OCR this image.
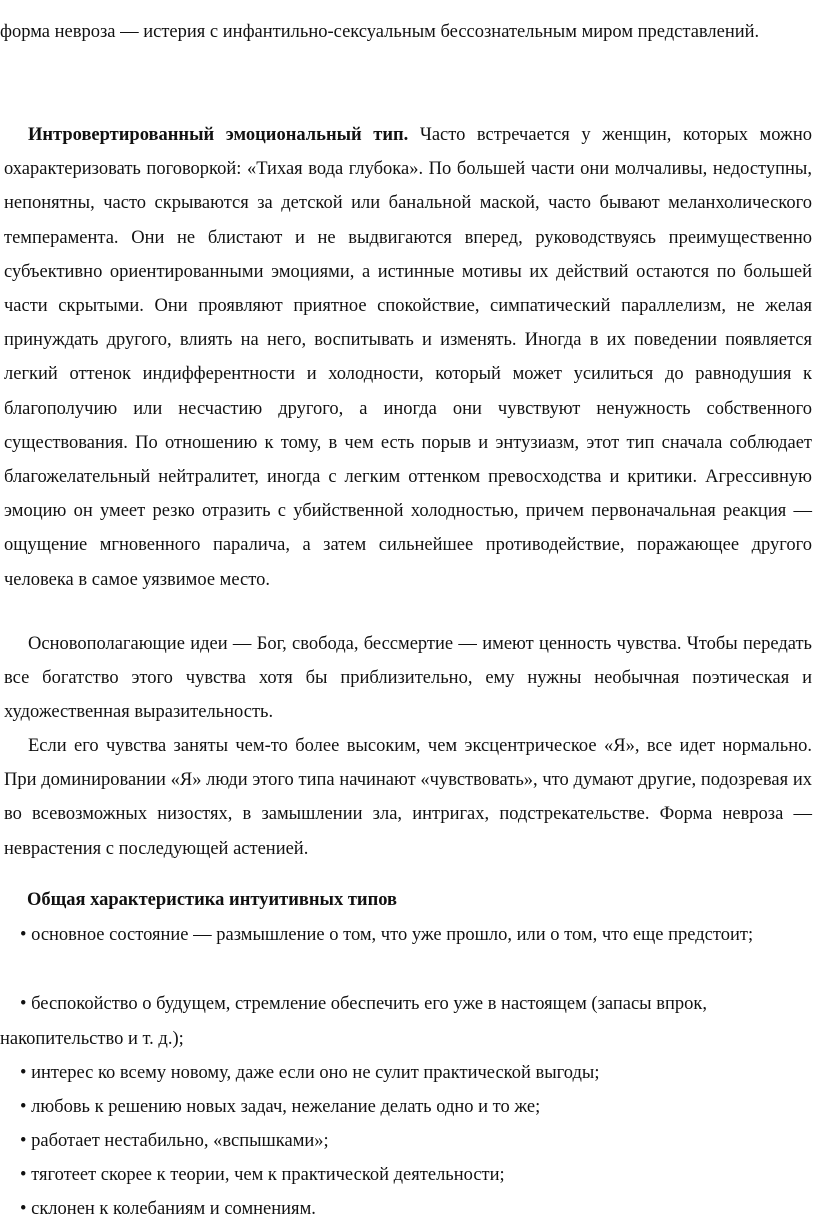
форма невроза — истерия с инфантильно-сексуальным бессознательным миром представлений.

Интровертированный эмоциональный тип. Часто встречается у женщин, которых можно охарактеризовать поговоркой: «Тихая вода глубока». По большей части они молчаливы, недоступны, непонятны, часто скрываются за детской или банальной маской, часто бывают меланхолического темперамента. Они не блистают и не выдвигаются вперед, руководствуясь преимущественно субъективно ориентированными эмоциями, а истинные мотивы их действий остаются по большей части скрытыми. Они проявляют приятное спокойствие, симпатический параллелизм, не желая принуждать другого, влиять на него, воспитывать и изменять. Иногда в их поведении появляется легкий оттенок индифферентности и холодности, который может усилиться до равнодушия к благополучию или несчастию другого, а иногда они чувствуют ненужность собственного существования. По отношению к тому, в чем есть порыв и энтузиазм, этот тип сначала соблюдает благожелательный нейтралитет, иногда с легким оттенком превосходства и критики. Агрессивную эмоцию он умеет резко отразить с убийственной холодностью, причем первоначальная реакция — ощущение мгновенного паралича, а затем сильнейшее противодействие, поражающее другого человека в самое уязвимое место.

Основополагающие идеи — Бог, свобода, бессмертие — имеют ценность чувства. Чтобы передать все богатство этого чувства хотя бы приблизительно, ему нужны необычная поэтическая и художественная выразительность.

Если его чувства заняты чем-то более высоким, чем эксцентрическое «Я», все идет нормально. При доминировании «Я» люди этого типа начинают «чувствовать», что думают другие, подозревая их во всевозможных низостях, в замышлении зла, интригах, подстрекательстве. Форма невроза — неврастения с последующей астенией.

Общая характеристика интуитивных типов

• основное состояние — размышление о том, что уже прошло, или о том, что еще предстоит;

• беспокойство о будущем, стремление обеспечить его уже в настоящем (запасы впрок, накопительство и т. д.);

• интерес ко всему новому, даже если оно не сулит практической выгоды;

• любовь к решению новых задач, нежелание делать одно и то же;

• работает нестабильно, «вспышками»;

• тяготеет скорее к теории, чем к практической деятельности;

• склонен к колебаниям и сомнениям.
